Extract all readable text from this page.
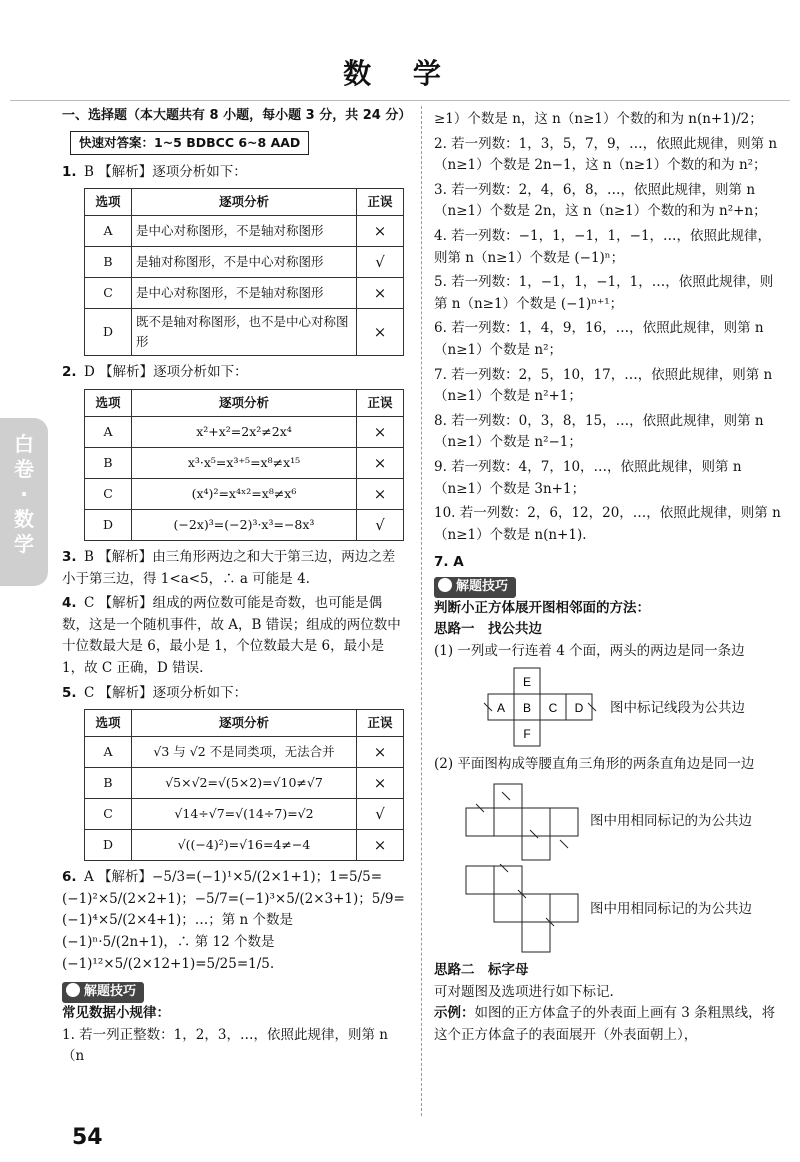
数 学
白卷·数学
一、选择题（本大题共有 8 小题，每小题 3 分，共 24 分）
快速对答案：1~5 BDBCC 6~8 AAD
1. B 【解析】逐项分析如下：
选项	逐项分析	正误
A	是中心对称图形，不是轴对称图形	×
B	是轴对称图形，不是中心对称图形	√
C	是中心对称图形，不是轴对称图形	×
D	既不是轴对称图形，也不是中心对称图形	×
2. D 【解析】逐项分析如下：
选项	逐项分析	正误
A	x²+x²=2x²≠2x⁴	×
B	x³·x⁵=x³⁺⁵=x⁸≠x¹⁵	×
C	(x⁴)²=x⁴ˣ²=x⁸≠x⁶	×
D	(−2x)³=(−2)³·x³=−8x³	√
3. B 【解析】由三角形两边之和大于第三边，两边之差小于第三边，得 1<a<5，∴ a 可能是 4.
4. C 【解析】组成的两位数可能是奇数，也可能是偶数，这是一个随机事件，故 A，B 错误；组成的两位数中十位数最大是 6，最小是 1，个位数最大是 6，最小是 1，故 C 正确，D 错误.
5. C 【解析】逐项分析如下：
选项	逐项分析	正误
A	√3 与 √2 不是同类项，无法合并	×
B	√5×√2=√(5×2)=√10≠√7	×
C	√14÷√7=√(14÷7)=√2	√
D	√((−4)²)=√16=4≠−4	×
6. A 【解析】−5/3=(−1)¹×5/(2×1+1)；1=5/5=(−1)²×5/(2×2+1)；−5/7=(−1)³×5/(2×3+1)；5/9=(−1)⁴×5/(2×4+1)；…；第 n 个数是 (−1)ⁿ·5/(2n+1)，∴ 第 12 个数是 (−1)¹²×5/(2×12+1)=5/25=1/5.
解题技巧
常见数据小规律：
1. 若一列正整数：1，2，3，…，依照此规律，则第 n（n
≥1）个数是 n，这 n（n≥1）个数的和为 n(n+1)/2；
2. 若一列数：1，3，5，7，9，…，依照此规律，则第 n（n≥1）个数是 2n−1，这 n（n≥1）个数的和为 n²；
3. 若一列数：2，4，6，8，…，依照此规律，则第 n（n≥1）个数是 2n，这 n（n≥1）个数的和为 n²+n；
4. 若一列数：−1，1，−1，1，−1，…，依照此规律，则第 n（n≥1）个数是 (−1)ⁿ；
5. 若一列数：1，−1，1，−1，1，…，依照此规律，则第 n（n≥1）个数是 (−1)ⁿ⁺¹；
6. 若一列数：1，4，9，16，…，依照此规律，则第 n（n≥1）个数是 n²；
7. 若一列数：2，5，10，17，…，依照此规律，则第 n（n≥1）个数是 n²+1；
8. 若一列数：0，3，8，15，…，依照此规律，则第 n（n≥1）个数是 n²−1；
9. 若一列数：4，7，10，…，依照此规律，则第 n（n≥1）个数是 3n+1；
10. 若一列数：2，6，12，20，…，依照此规律，则第 n（n≥1）个数是 n(n+1).
7. A
解题技巧
判断小正方体展开图相邻面的方法：
思路一　找公共边
(1) 一列或一行连着 4 个面，两头的两边是同一条边
E
A B C D
F
图中标记线段为公共边
(2) 平面图构成等腰直角三角形的两条直角边是同一边
图中用相同标记的为公共边
图中用相同标记的为公共边
思路二　标字母
可对题图及选项进行如下标记.
示例：如图的正方体盒子的外表面上画有 3 条粗黑线，将这个正方体盒子的表面展开（外表面朝上），
54
